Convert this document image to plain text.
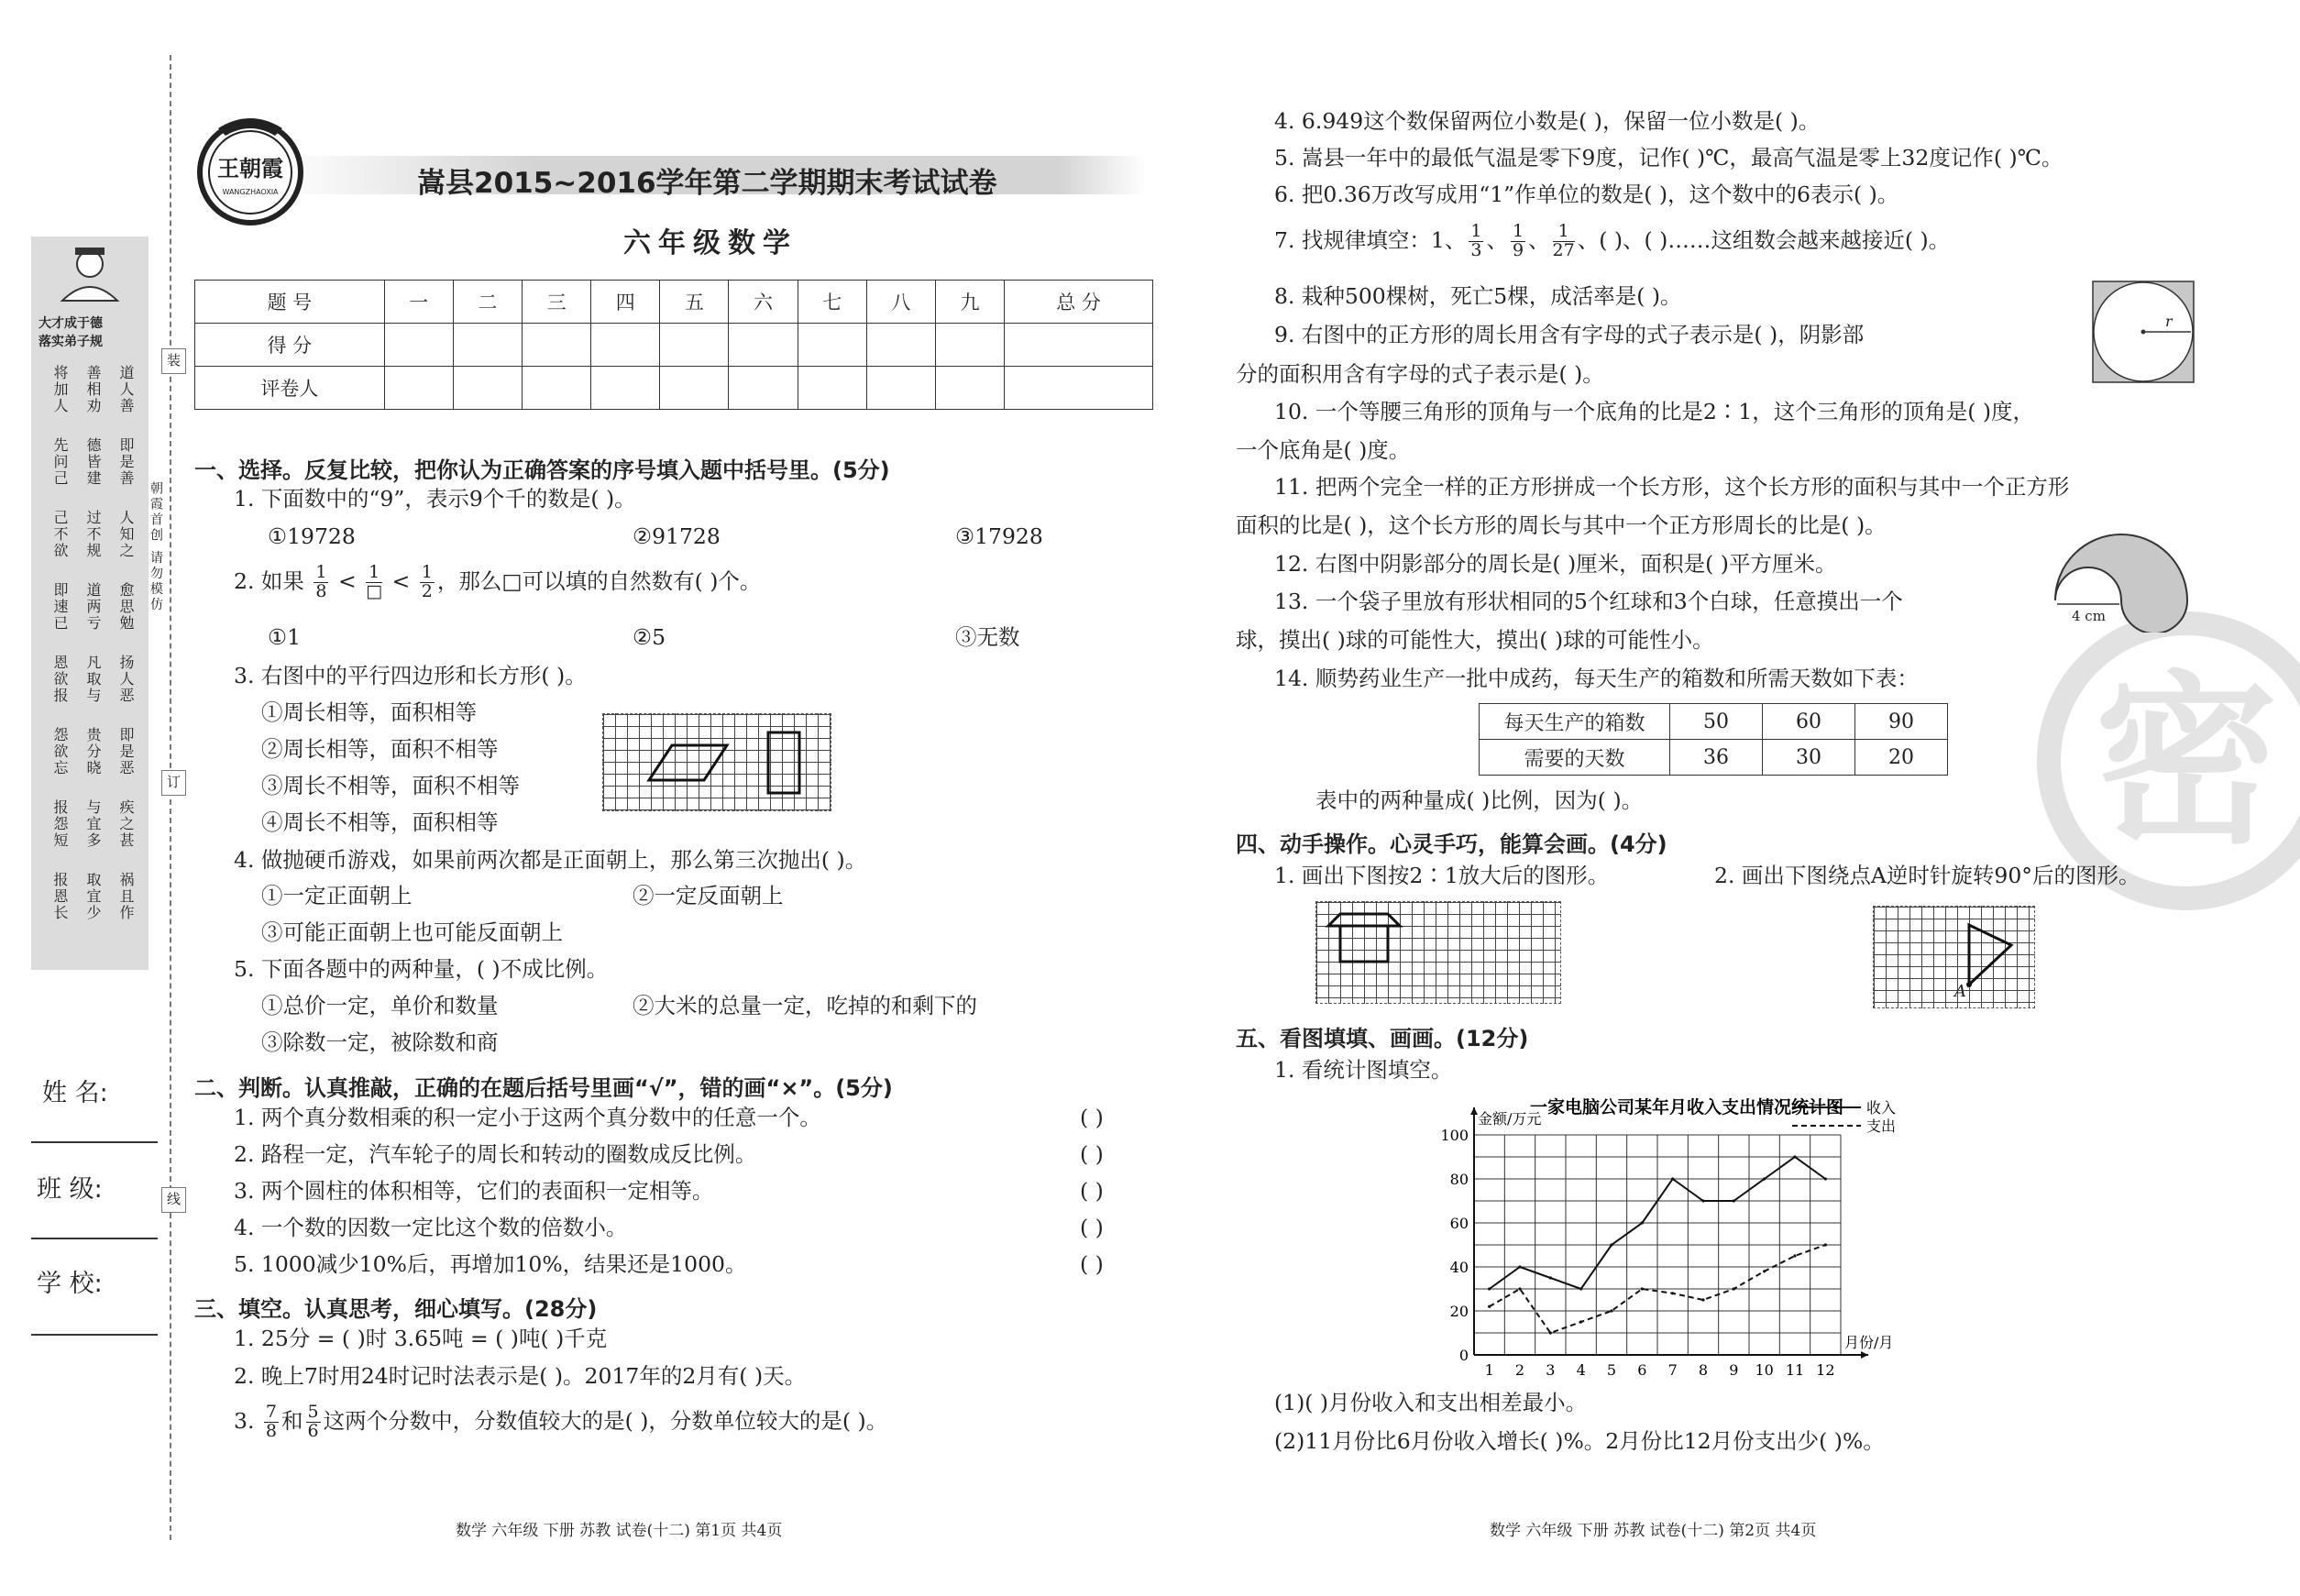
大才成于德
落实弟子规
将加人 善相劝 道人善
先问己 德皆建 即是善
己不欲 过不规 人知之
即速已 道两亏 愈思勉
恩欲报 凡取与 扬人恶
怨欲忘 贵分晓 即是恶
报怨短 与宜多 疾之甚
报恩长 取宜少 祸且作
装
订
线
朝霞首创 请勿模仿
姓 名:
班 级:
学 校:
王朝霞
WANGZHAOXIA	嵩县2015~2016学年第二学期期末考试试卷
六年级数学
题 号	一	二	三	四	五	六	七	八	九	总 分
得 分										
评卷人										
一、选择。反复比较，把你认为正确答案的序号填入题中括号里。(5分)
1. 下面数中的“9”，表示9个千的数是( )。
①19728	②91728	③17928
2. 如果 $\frac{1}{8} < \frac{1}{□} < \frac{1}{2}$ ，那么□可以填的自然数有( )个。
①1	②5	③无数
3. 右图中的平行四边形和长方形( )。
①周长相等，面积相等
②周长相等，面积不相等
③周长不相等，面积不相等
④周长不相等，面积相等
4. 做抛硬币游戏，如果前两次都是正面朝上，那么第三次抛出( )。
①一定正面朝上	②一定反面朝上
③可能正面朝上也可能反面朝上
5. 下面各题中的两种量，( )不成比例。
①总价一定，单价和数量	②大米的总量一定，吃掉的和剩下的
③除数一定，被除数和商
二、判断。认真推敲，正确的在题后括号里画“√”，错的画“×”。(5分)
1. 两个真分数相乘的积一定小于这两个真分数中的任意一个。	( )
2. 路程一定，汽车轮子的周长和转动的圈数成反比例。	( )
3. 两个圆柱的体积相等，它们的表面积一定相等。	( )
4. 一个数的因数一定比这个数的倍数小。	( )
5. 1000减少10%后，再增加10%，结果还是1000。	( )
三、填空。认真思考，细心填写。(28分)
1. 25分 = ( )时 3.65吨 = ( )吨( )千克
2. 晚上7时用24时记时法表示是( )。2017年的2月有( )天。
3. $\frac{7}{8}$ 和 $\frac{5}{6}$ 这两个分数中，分数值较大的是( )，分数单位较大的是( )。
数学 六年级 下册 苏教 试卷(十二) 第1页 共4页
密
4. 6.949这个数保留两位小数是( )，保留一位小数是( )。
5. 嵩县一年中的最低气温是零下9度，记作( )℃，最高气温是零上32度记作( )℃。
6. 把0.36万改写成用“1”作单位的数是( )，这个数中的6表示( )。
7. 找规律填空：1、 $\frac{1}{3}$ 、 $\frac{1}{9}$ 、 $\frac{1}{27}$ 、( )、( )……这组数会越来越接近( )。
8. 栽种500棵树，死亡5棵，成活率是( )。
9. 右图中的正方形的周长用含有字母的式子表示是( )，阴影部
分的面积用含有字母的式子表示是( )。
r
10. 一个等腰三角形的顶角与一个底角的比是2∶1，这个三角形的顶角是( )度，
一个底角是( )度。
11. 把两个完全一样的正方形拼成一个长方形，这个长方形的面积与其中一个正方形
面积的比是( )，这个长方形的周长与其中一个正方形周长的比是( )。
12. 右图中阴影部分的周长是( )厘米，面积是( )平方厘米。
4 cm
13. 一个袋子里放有形状相同的5个红球和3个白球，任意摸出一个
球，摸出( )球的可能性大，摸出( )球的可能性小。
14. 顺势药业生产一批中成药，每天生产的箱数和所需天数如下表：
每天生产的箱数	50	60	90
需要的天数	36	30	20
表中的两种量成( )比例，因为( )。
四、动手操作。心灵手巧，能算会画。(4分)
1. 画出下图按2∶1放大后的图形。	2. 画出下图绕点A逆时针旋转90°后的图形。
A
五、看图填填、画画。(12分)
1. 看统计图填空。
一家电脑公司某年月收入支出情况统计图
金额/万元
月份/月
0
20
40
60
80
100
1 2 3 4 5 6 7 8 9 10 11 12
收入
支出
(1)( )月份收入和支出相差最小。
(2)11月份比6月份收入增长( )%。2月份比12月份支出少( )%。
数学 六年级 下册 苏教 试卷(十二) 第2页 共4页
